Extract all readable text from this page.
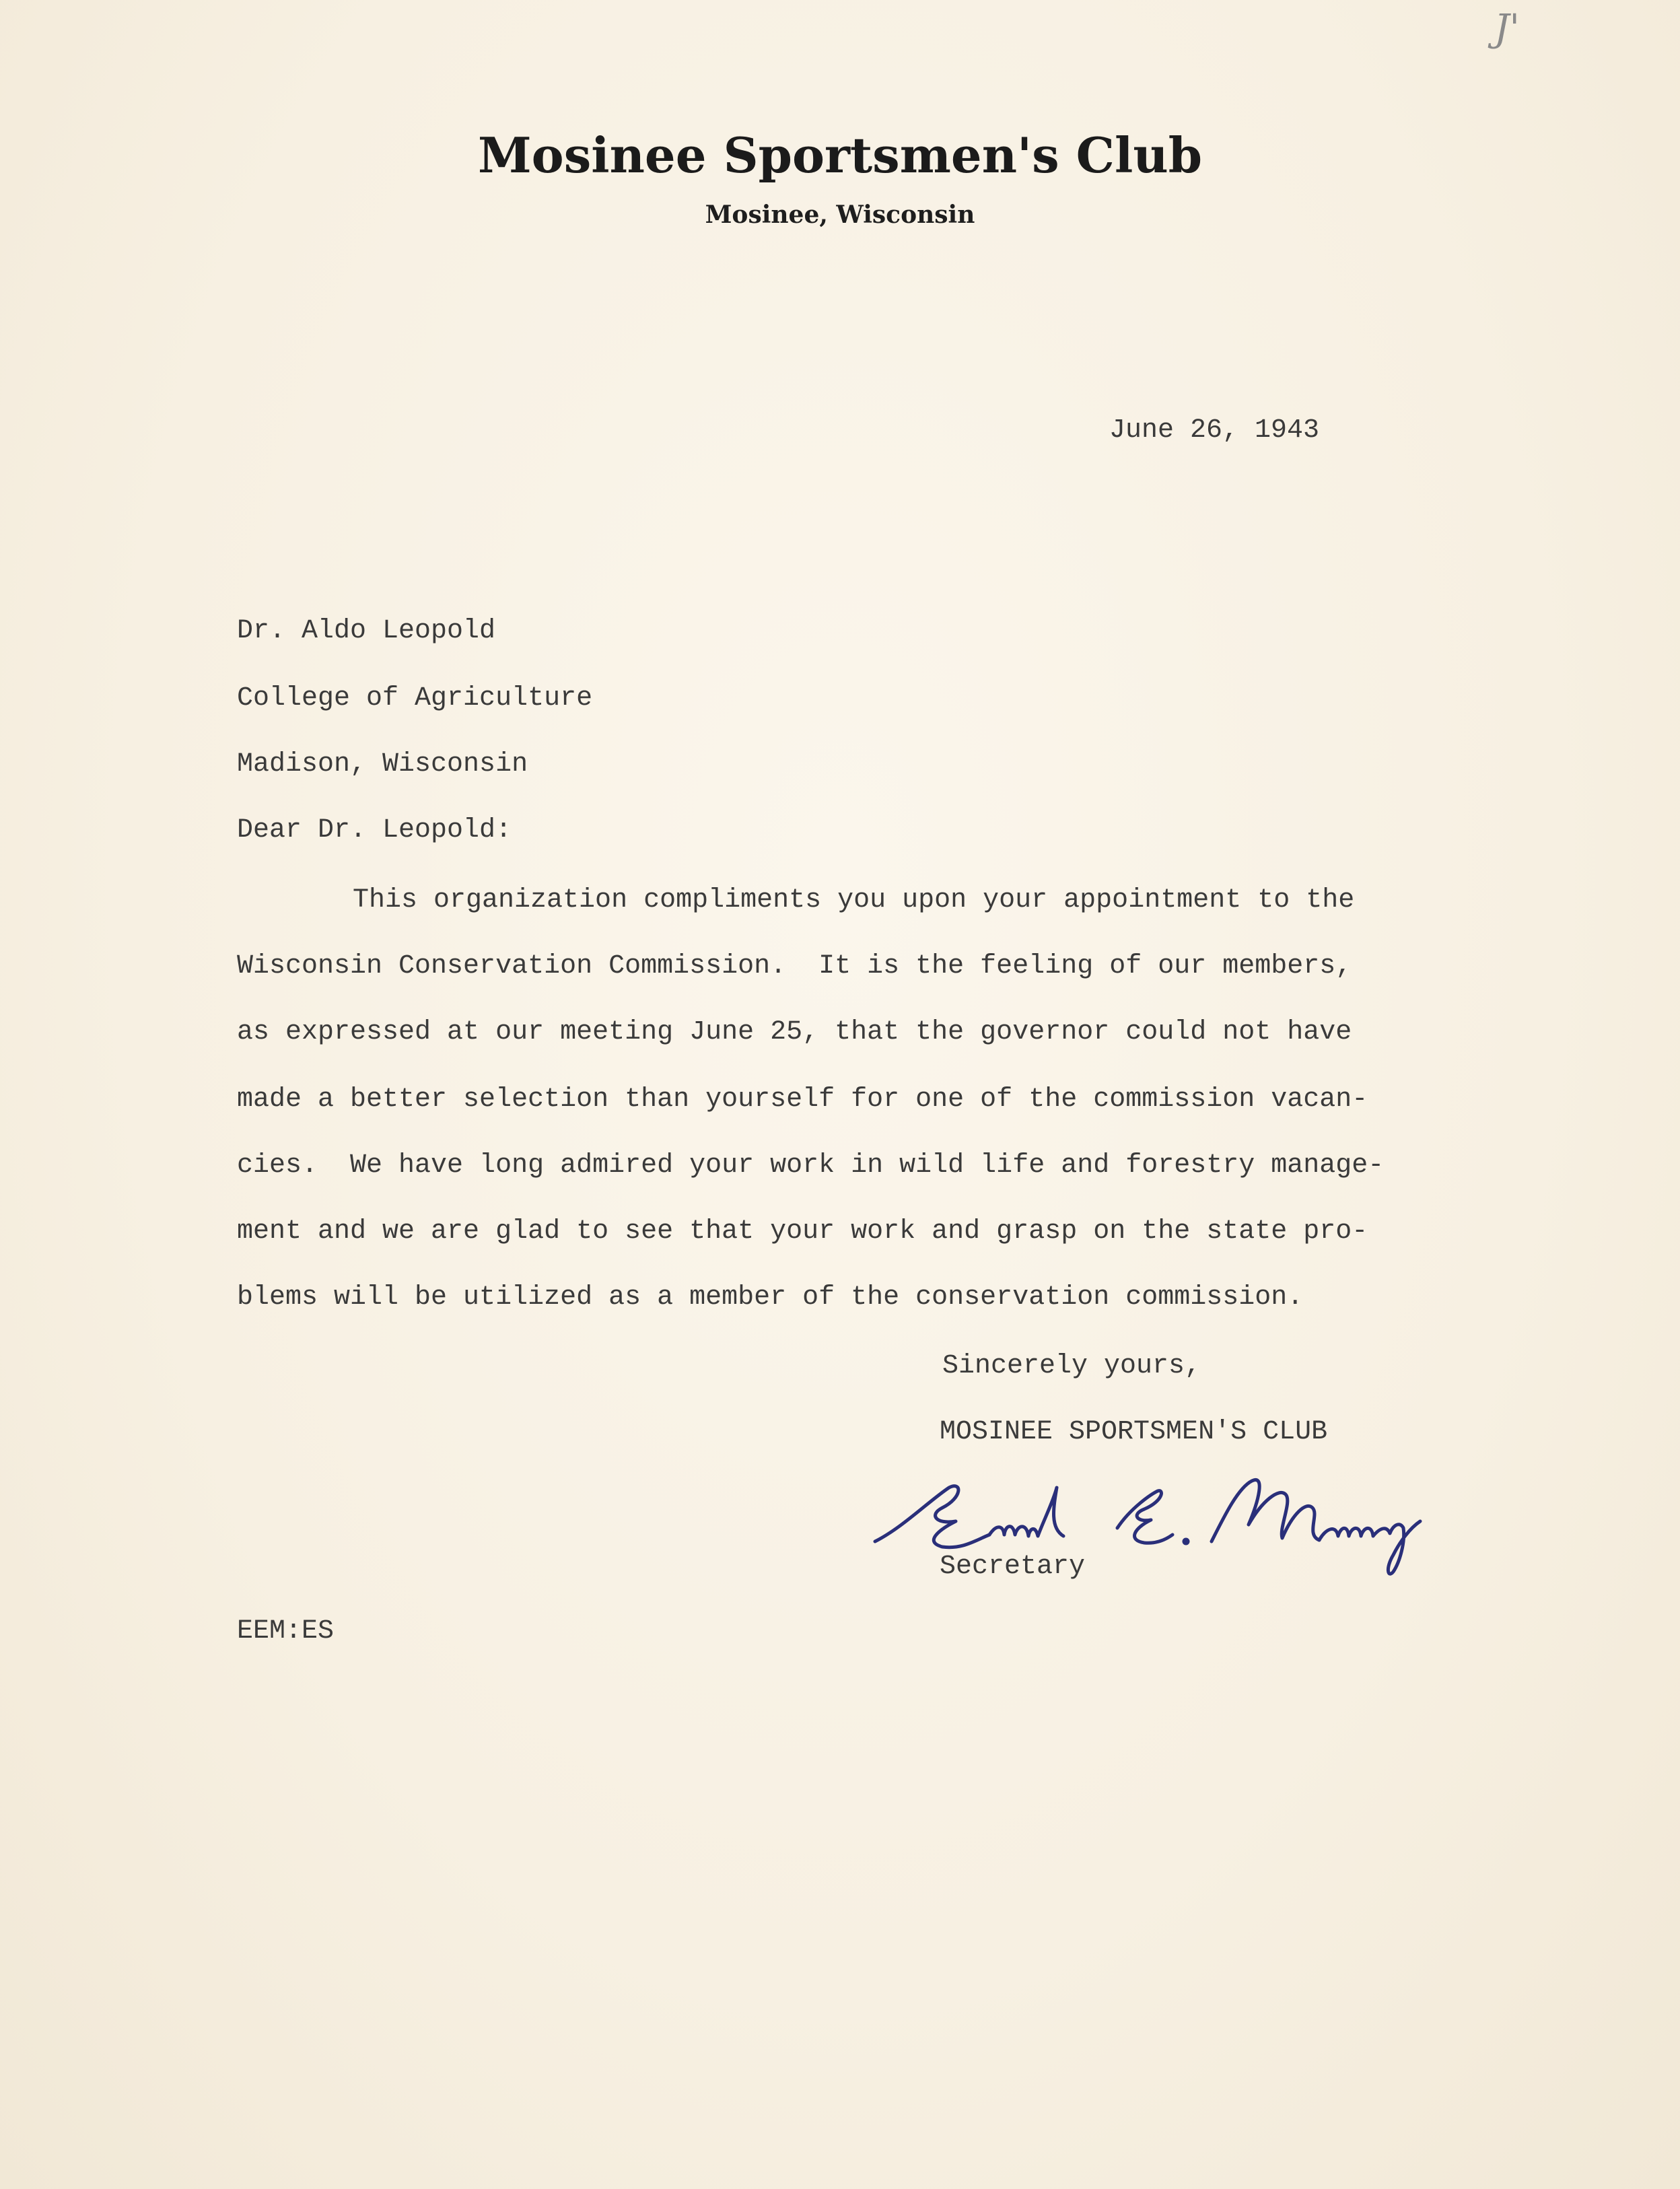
J'
Mosinee Sportsmen's Club
Mosinee, Wisconsin
June 26, 1943
Dr. Aldo Leopold
College of Agriculture
Madison, Wisconsin
Dear Dr. Leopold:
This organization compliments you upon your appointment to the
Wisconsin Conservation Commission.  It is the feeling of our members,
as expressed at our meeting June 25, that the governor could not have
made a better selection than yourself for one of the commission vacan-
cies.  We have long admired your work in wild life and forestry manage-
ment and we are glad to see that your work and grasp on the state pro-
blems will be utilized as a member of the conservation commission.
Sincerely yours,
MOSINEE SPORTSMEN'S CLUB
Secretary
EEM:ES
